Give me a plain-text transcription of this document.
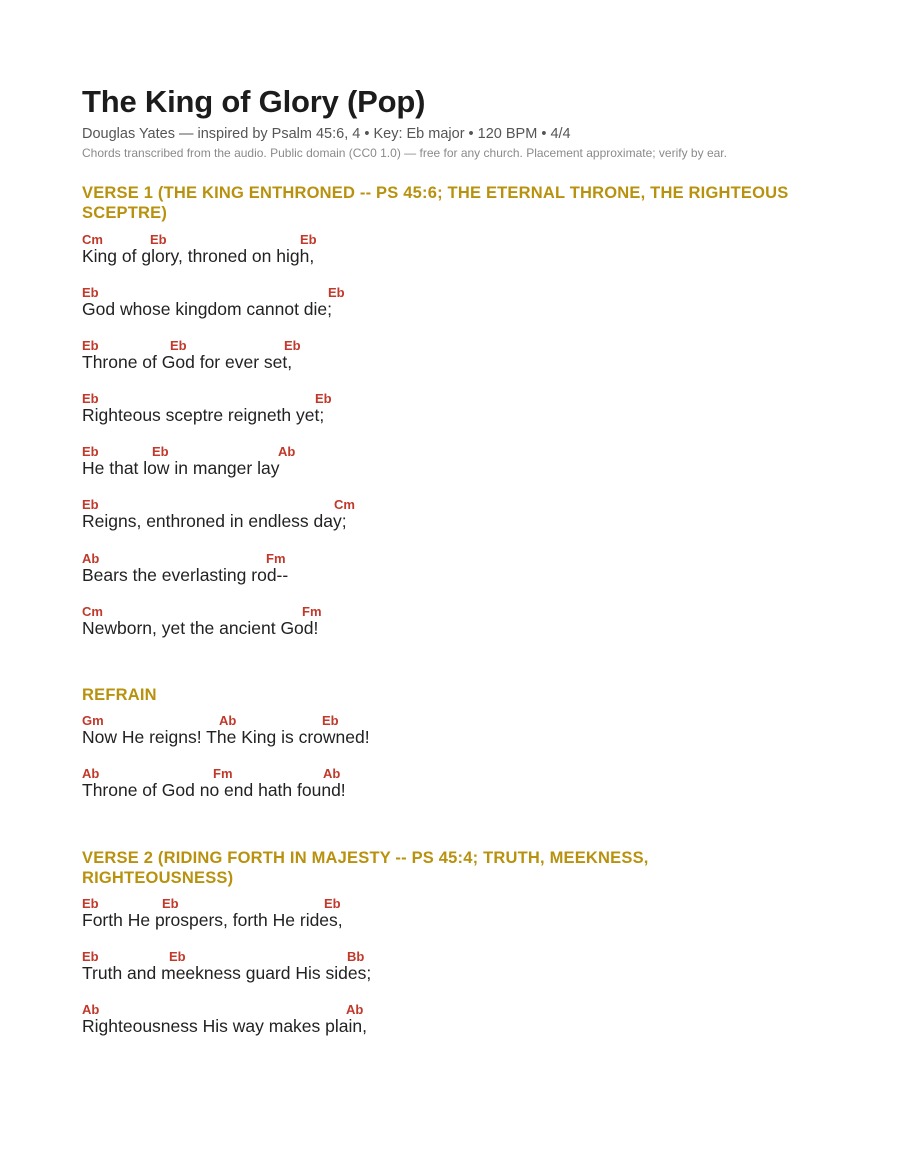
The King of Glory (Pop)
Douglas Yates — inspired by Psalm 45:6, 4 • Key: Eb major • 120 BPM • 4/4
Chords transcribed from the audio. Public domain (CC0 1.0) — free for any church. Placement approximate; verify by ear.
VERSE 1 (THE KING ENTHRONED -- PS 45:6; THE ETERNAL THRONE, THE RIGHTEOUS SCEPTRE)
Cm	Eb	Eb
King of glory, throned on high,
Eb	Eb
God whose kingdom cannot die;
Eb	Eb	Eb
Throne of God for ever set,
Eb	Eb
Righteous sceptre reigneth yet;
Eb	Eb	Ab
He that low in manger lay
Eb	Cm
Reigns, enthroned in endless day;
Ab	Fm
Bears the everlasting rod--
Cm	Fm
Newborn, yet the ancient God!
REFRAIN
Gm	Ab	Eb
Now He reigns! The King is crowned!
Ab	Fm	Ab
Throne of God no end hath found!
VERSE 2 (RIDING FORTH IN MAJESTY -- PS 45:4; TRUTH, MEEKNESS, RIGHTEOUSNESS)
Eb	Eb	Eb
Forth He prospers, forth He rides,
Eb	Eb	Bb
Truth and meekness guard His sides;
Ab	Ab
Righteousness His way makes plain,
